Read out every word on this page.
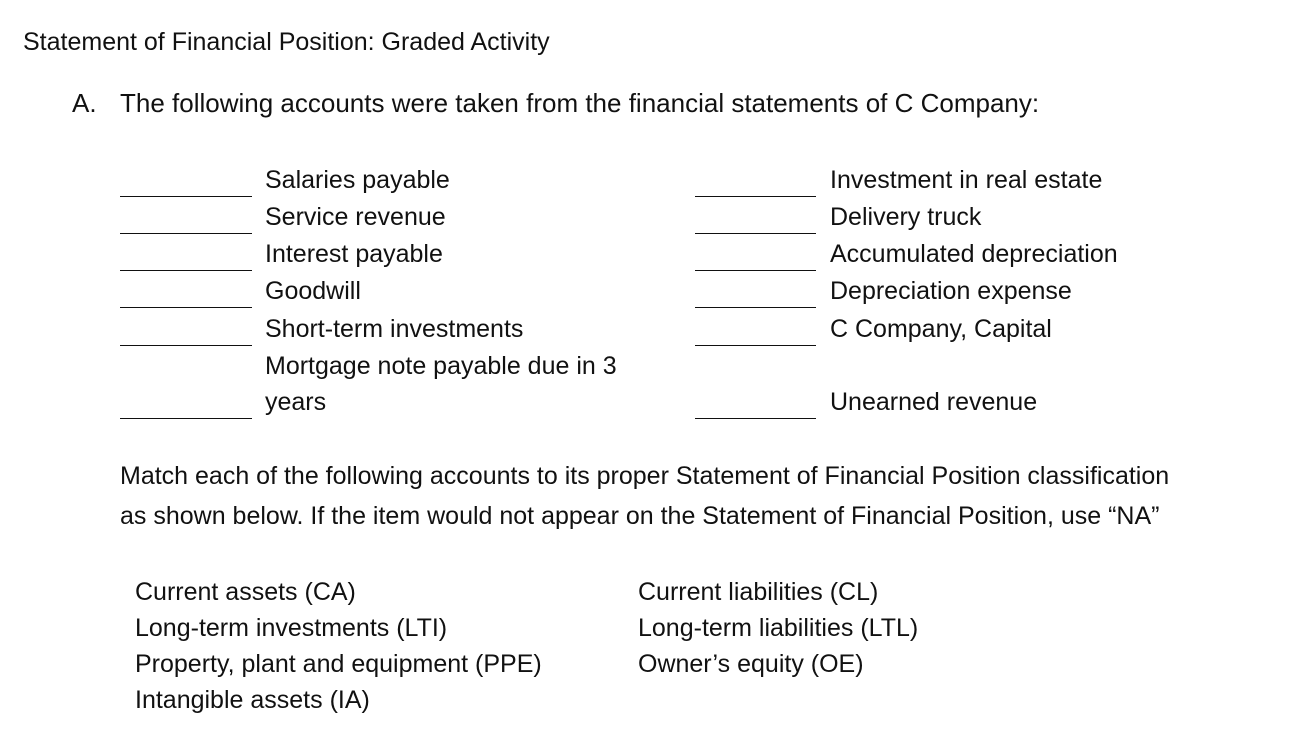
Statement of Financial Position: Graded Activity
A. The following accounts were taken from the financial statements of C Company:
Salaries payable
Service revenue
Interest payable
Goodwill
Short-term investments
Mortgage note payable due in 3
years
Investment in real estate
Delivery truck
Accumulated depreciation
Depreciation expense
C Company, Capital
Unearned revenue
Match each of the following accounts to its proper Statement of Financial Position classification
as shown below. If the item would not appear on the Statement of Financial Position, use “NA”
Current assets (CA)
Long-term investments (LTI)
Property, plant and equipment (PPE)
Intangible assets (IA)
Current liabilities (CL)
Long-term liabilities (LTL)
Owner’s equity (OE)
